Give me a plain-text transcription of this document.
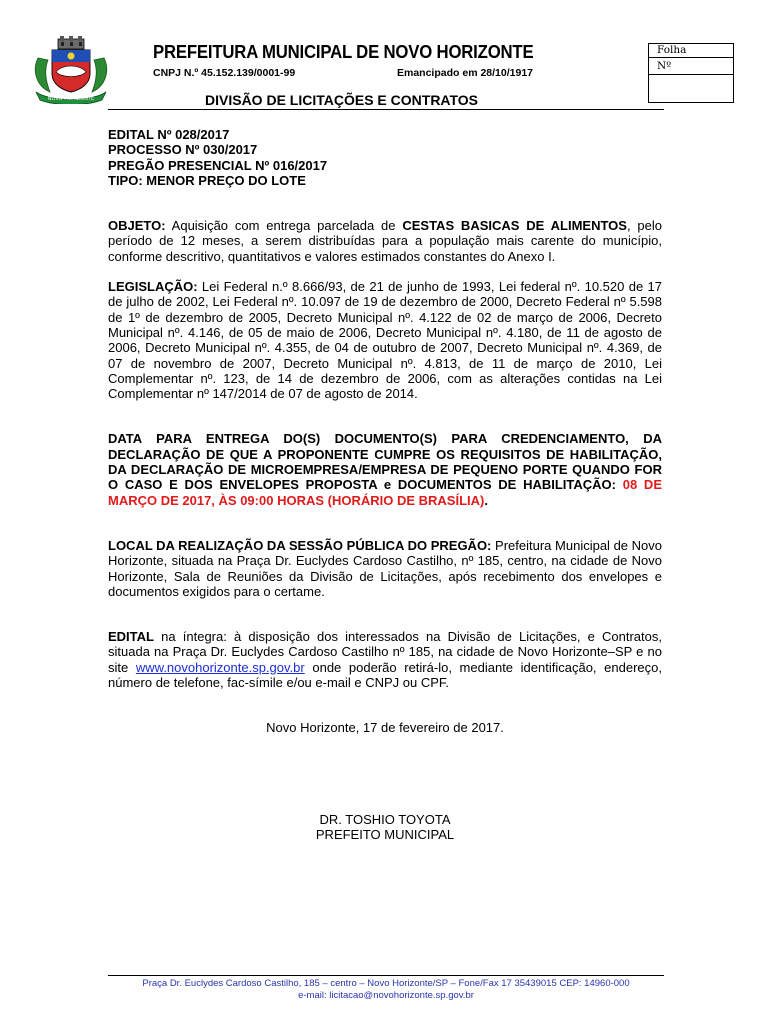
NOVO HORIZONTE
PREFEITURA MUNICIPAL DE NOVO HORIZONTE
CNPJ N.º 45.152.139/0001-99	Emancipado em 28/10/1917
Folha
Nº
DIVISÃO DE LICITAÇÕES E CONTRATOS
EDITAL Nº 028/2017
PROCESSO Nº 030/2017
PREGÃO PRESENCIAL Nº 016/2017
TIPO: MENOR PREÇO DO LOTE

OBJETO: Aquisição com entrega parcelada de CESTAS BASICAS DE ALIMENTOS, pelo período de 12 meses, a serem distribuídas para a população mais carente do município, conforme descritivo, quantitativos e valores estimados constantes do Anexo I.

LEGISLAÇÃO: Lei Federal n.º 8.666/93, de 21 de junho de 1993, Lei federal nº. 10.520 de 17 de julho de 2002, Lei Federal nº. 10.097 de 19 de dezembro de 2000, Decreto Federal nº 5.598 de 1º de dezembro de 2005, Decreto Municipal nº. 4.122 de 02 de março de 2006, Decreto Municipal nº. 4.146, de 05 de maio de 2006, Decreto Municipal nº. 4.180, de 11 de agosto de 2006, Decreto Municipal nº. 4.355, de 04 de outubro de 2007, Decreto Municipal nº. 4.369, de 07 de novembro de 2007, Decreto Municipal nº. 4.813, de 11 de março de 2010, Lei Complementar nº. 123, de 14 de dezembro de 2006, com as alterações contidas na Lei Complementar nº 147/2014 de 07 de agosto de 2014.

DATA PARA ENTREGA DO(S) DOCUMENTO(S) PARA CREDENCIAMENTO, DA DECLARAÇÃO DE QUE A PROPONENTE CUMPRE OS REQUISITOS DE HABILITAÇÃO, DA DECLARAÇÃO DE MICROEMPRESA/EMPRESA DE PEQUENO PORTE QUANDO FOR O CASO E DOS ENVELOPES PROPOSTA e DOCUMENTOS DE HABILITAÇÃO: 08 DE MARÇO DE 2017, ÀS 09:00 HORAS (HORÁRIO DE BRASÍLIA).

LOCAL DA REALIZAÇÃO DA SESSÃO PÚBLICA DO PREGÃO: Prefeitura Municipal de Novo Horizonte, situada na Praça Dr. Euclydes Cardoso Castilho, nº 185, centro, na cidade de Novo Horizonte, Sala de Reuniões da Divisão de Licitações, após recebimento dos envelopes e documentos exigidos para o certame.

EDITAL na íntegra: à disposição dos interessados na Divisão de Licitações, e Contratos, situada na Praça Dr. Euclydes Cardoso Castilho nº 185, na cidade de Novo Horizonte–SP e no site www.novohorizonte.sp.gov.br onde poderão retirá-lo, mediante identificação, endereço, número de telefone, fac-símile e/ou e-mail e CNPJ ou CPF.

Novo Horizonte, 17 de fevereiro de 2017.

DR. TOSHIO TOYOTA
PREFEITO MUNICIPAL
Praça Dr. Euclydes Cardoso Castilho, 185 – centro – Novo Horizonte/SP – Fone/Fax 17 35439015 CEP: 14960-000
e-mail: licitacao@novohorizonte.sp.gov.br
